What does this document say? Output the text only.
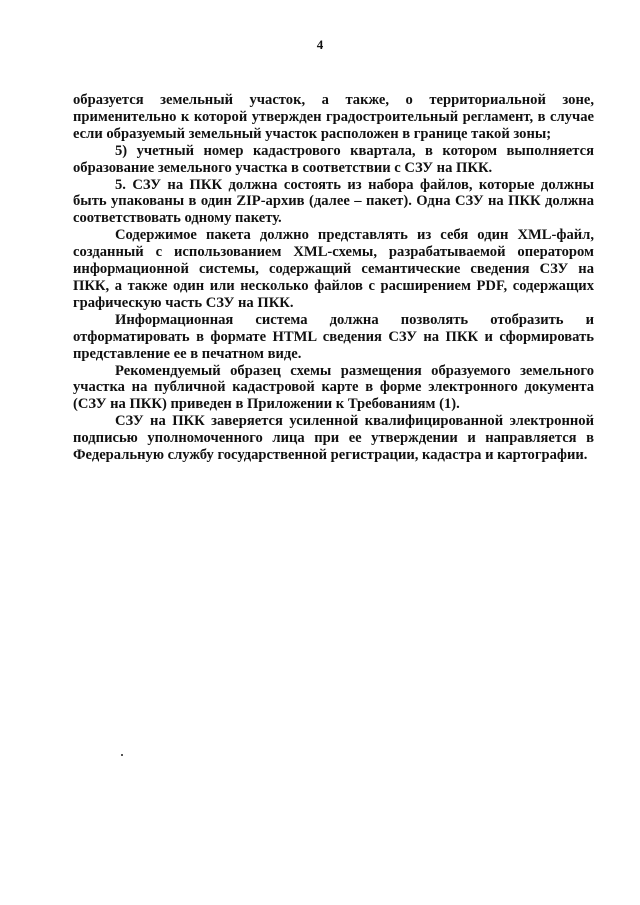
4

образуется земельный участок, а также, о территориальной зоне, применительно к которой утвержден градостроительный регламент, в случае если образуемый земельный участок расположен в границе такой зоны;

5) учетный номер кадастрового квартала, в котором выполняется образование земельного участка в соответствии с СЗУ на ПКК.

5. СЗУ на ПКК должна состоять из набора файлов, которые должны быть упакованы в один ZIP-архив (далее – пакет). Одна СЗУ на ПКК должна соответствовать одному пакету.

Содержимое пакета должно представлять из себя один XML-файл, созданный с использованием XML-схемы, разрабатываемой оператором информационной системы, содержащий семантические сведения СЗУ на ПКК, а также один или несколько файлов с расширением PDF, содержащих графическую часть СЗУ на ПКК.

Информационная система должна позволять отобразить и отформатировать в формате HTML сведения СЗУ на ПКК и сформировать представление ее в печатном виде.

Рекомендуемый образец схемы размещения образуемого земельного участка на публичной кадастровой карте в форме электронного документа (СЗУ на ПКК) приведен в Приложении к Требованиям (1).

СЗУ на ПКК заверяется усиленной квалифицированной электронной подписью уполномоченного лица при ее утверждении и направляется в Федеральную службу государственной регистрации, кадастра и картографии.
